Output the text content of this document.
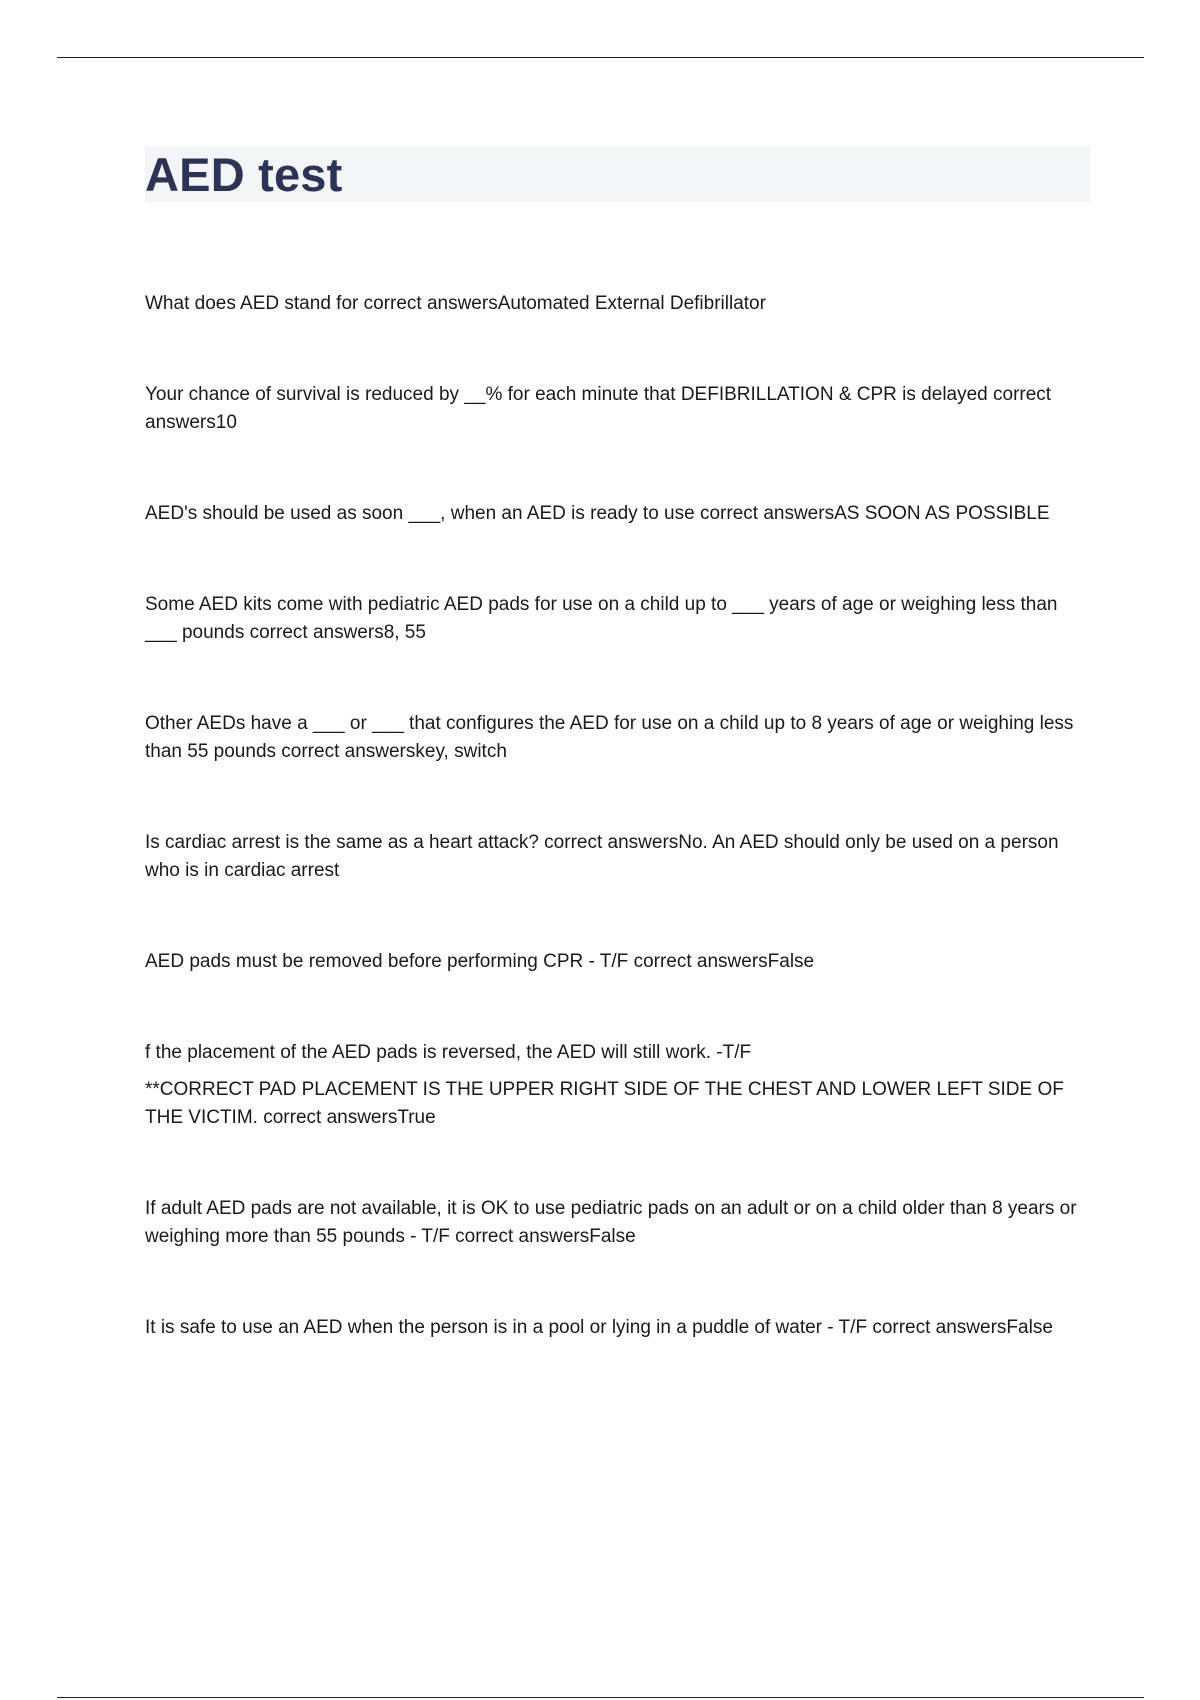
AED test

What does AED stand for correct answersAutomated External Defibrillator

Your chance of survival is reduced by __% for each minute that DEFIBRILLATION & CPR is delayed correct answers10

AED's should be used as soon ___, when an AED is ready to use correct answersAS SOON AS POSSIBLE

Some AED kits come with pediatric AED pads for use on a child up to ___ years of age or weighing less than ___ pounds correct answers8, 55

Other AEDs have a ___ or ___ that configures the AED for use on a child up to 8 years of age or weighing less than 55 pounds correct answerskey, switch

Is cardiac arrest is the same as a heart attack? correct answersNo. An AED should only be used on a person who is in cardiac arrest

AED pads must be removed before performing CPR - T/F correct answersFalse

f the placement of the AED pads is reversed, the AED will still work. -T/F

**CORRECT PAD PLACEMENT IS THE UPPER RIGHT SIDE OF THE CHEST AND LOWER LEFT SIDE OF THE VICTIM. correct answersTrue

If adult AED pads are not available, it is OK to use pediatric pads on an adult or on a child older than 8 years or weighing more than 55 pounds - T/F correct answersFalse

It is safe to use an AED when the person is in a pool or lying in a puddle of water - T/F correct answersFalse
